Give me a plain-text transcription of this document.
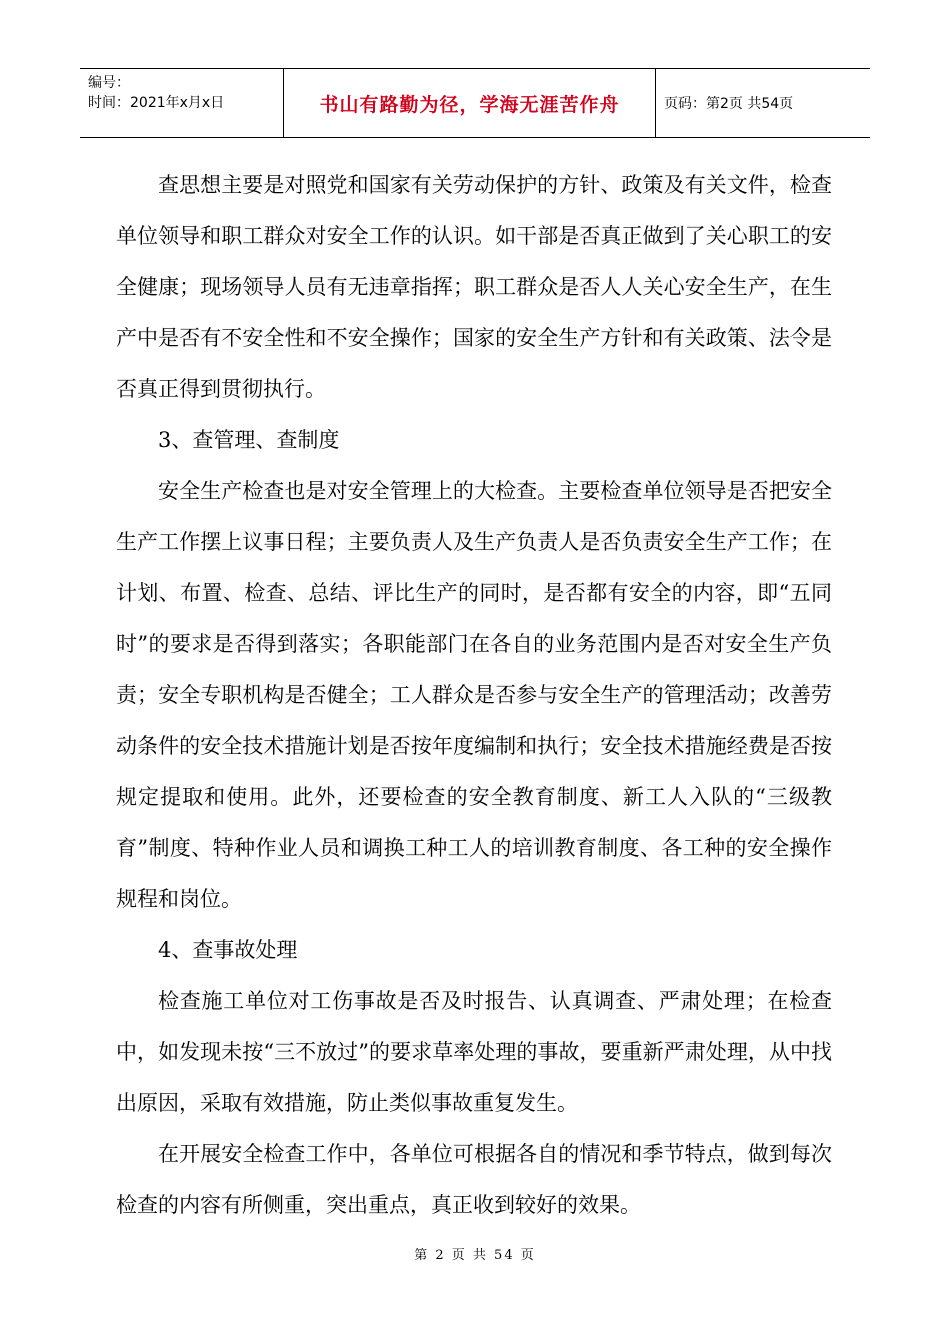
编号：
时间：2021年x月x日	书山有路勤为径，学海无涯苦作舟	页码：第2页 共54页

查思想主要是对照党和国家有关劳动保护的方针、政策及有关文件，检查单位领导和职工群众对安全工作的认识。如干部是否真正做到了关心职工的安全健康；现场领导人员有无违章指挥；职工群众是否人人关心安全生产，在生产中是否有不安全性和不安全操作；国家的安全生产方针和有关政策、法令是否真正得到贯彻执行。

3、查管理、查制度

安全生产检查也是对安全管理上的大检查。主要检查单位领导是否把安全生产工作摆上议事日程；主要负责人及生产负责人是否负责安全生产工作；在计划、布置、检查、总结、评比生产的同时，是否都有安全的内容，即“五同时”的要求是否得到落实；各职能部门在各自的业务范围内是否对安全生产负责；安全专职机构是否健全；工人群众是否参与安全生产的管理活动；改善劳动条件的安全技术措施计划是否按年度编制和执行；安全技术措施经费是否按规定提取和使用。此外，还要检查的安全教育制度、新工人入队的“三级教育”制度、特种作业人员和调换工种工人的培训教育制度、各工种的安全操作规程和岗位。

4、查事故处理

检查施工单位对工伤事故是否及时报告、认真调查、严肃处理；在检查中，如发现未按“三不放过”的要求草率处理的事故，要重新严肃处理，从中找出原因，采取有效措施，防止类似事故重复发生。

在开展安全检查工作中，各单位可根据各自的情况和季节特点，做到每次检查的内容有所侧重，突出重点，真正收到较好的效果。

第 2 页 共 54 页
